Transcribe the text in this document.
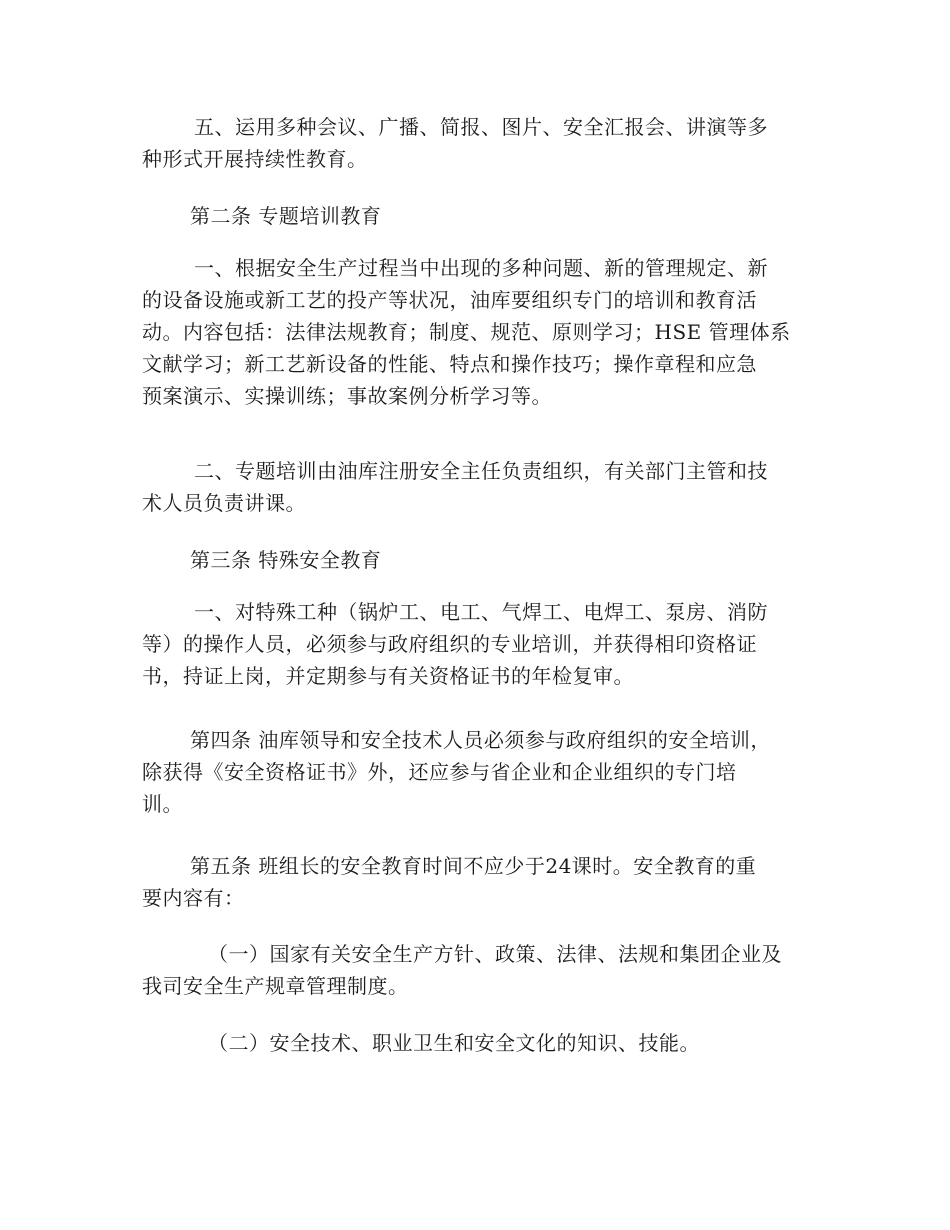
五、运用多种会议、广播、简报、图片、安全汇报会、讲演等多
种形式开展持续性教育。

第二条 专题培训教育

一、根据安全生产过程当中出现的多种问题、新的管理规定、新
的设备设施或新工艺的投产等状况，油库要组织专门的培训和教育活
动。内容包括：法律法规教育；制度、规范、原则学习；HSE 管理体系
文献学习；新工艺新设备的性能、特点和操作技巧；操作章程和应急
预案演示、实操训练；事故案例分析学习等。

二、专题培训由油库注册安全主任负责组织，有关部门主管和技
术人员负责讲课。

第三条 特殊安全教育

一、对特殊工种（锅炉工、电工、气焊工、电焊工、泵房、消防
等）的操作人员，必须参与政府组织的专业培训，并获得相印资格证
书，持证上岗，并定期参与有关资格证书的年检复审。

第四条 油库领导和安全技术人员必须参与政府组织的安全培训，
除获得《安全资格证书》外，还应参与省企业和企业组织的专门培
训。

第五条 班组长的安全教育时间不应少于24课时。安全教育的重
要内容有：

（一）国家有关安全生产方针、政策、法律、法规和集团企业及
我司安全生产规章管理制度。

（二）安全技术、职业卫生和安全文化的知识、技能。
